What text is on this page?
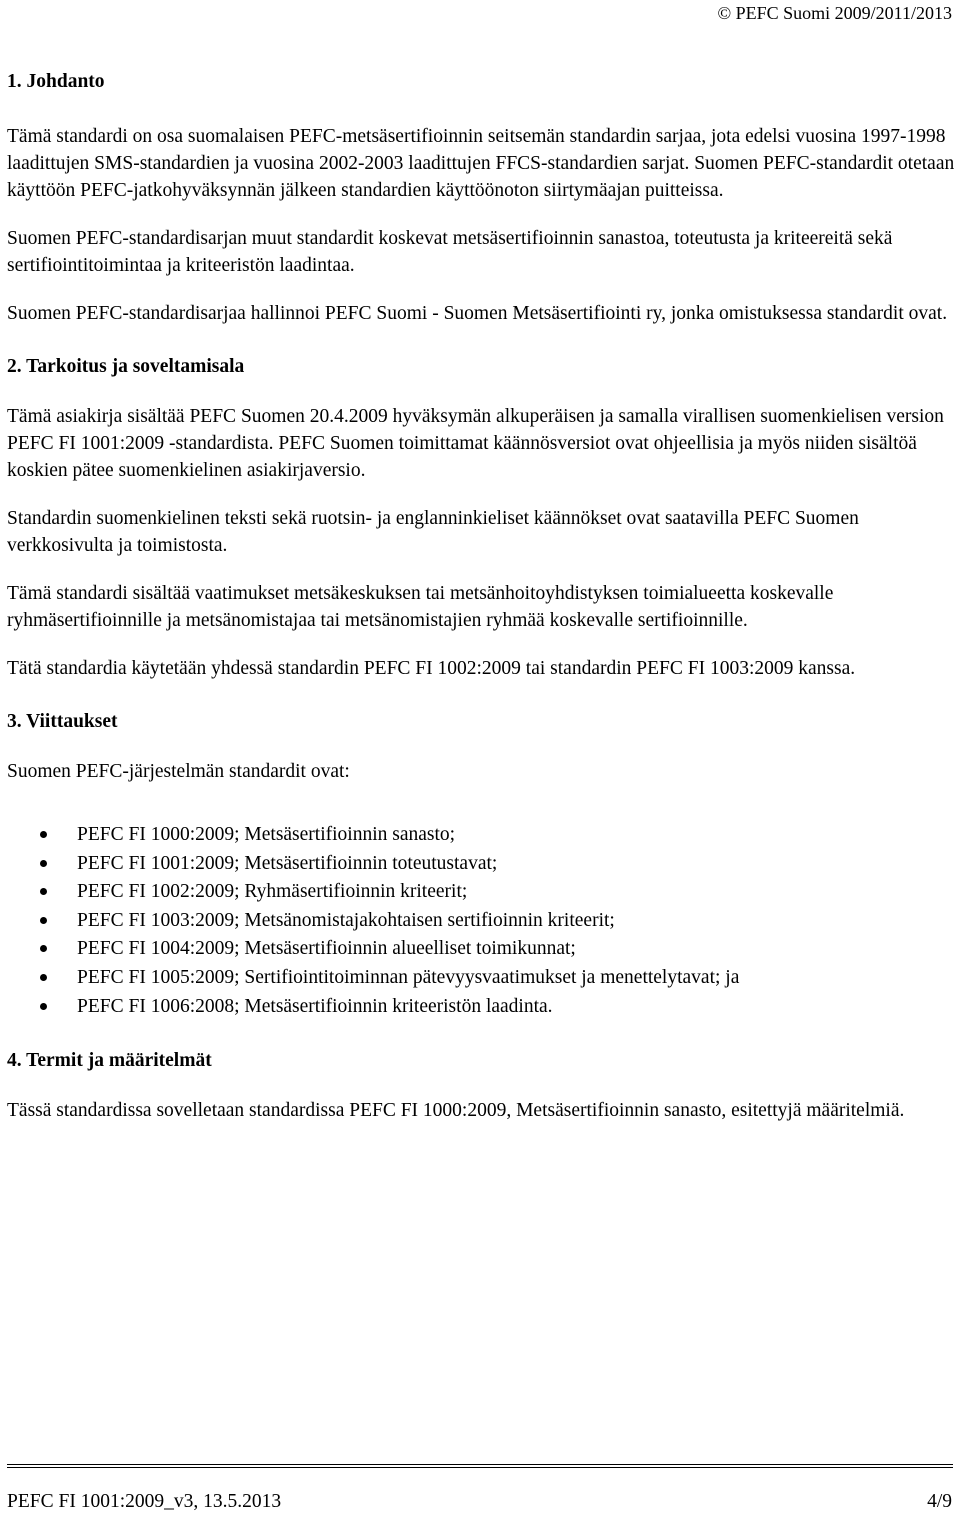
© PEFC Suomi 2009/2011/2013
1. Johdanto

Tämä standardi on osa suomalaisen PEFC-metsäsertifioinnin seitsemän standardin sarjaa, jota edelsi vuosina 1997-1998 laadittujen SMS-standardien ja vuosina 2002-2003 laadittujen FFCS-standardien sarjat. Suomen PEFC-standardit otetaan käyttöön PEFC-jatkohyväksynnän jälkeen standardien käyttöönoton siirtymäajan puitteissa.

Suomen PEFC-standardisarjan muut standardit koskevat metsäsertifioinnin sanastoa, toteutusta ja kriteereitä sekä sertifiointitoimintaa ja kriteeristön laadintaa.

Suomen PEFC-standardisarjaa hallinnoi PEFC Suomi - Suomen Metsäsertifiointi ry, jonka omistuksessa standardit ovat.

2. Tarkoitus ja soveltamisala

Tämä asiakirja sisältää PEFC Suomen 20.4.2009 hyväksymän alkuperäisen ja samalla virallisen suomenkielisen version PEFC FI 1001:2009 -standardista. PEFC Suomen toimittamat käännösversiot ovat ohjeellisia ja myös niiden sisältöä koskien pätee suomenkielinen asiakirjaversio.

Standardin suomenkielinen teksti sekä ruotsin- ja englanninkieliset käännökset ovat saatavilla PEFC Suomen verkkosivulta ja toimistosta.

Tämä standardi sisältää vaatimukset metsäkeskuksen tai metsänhoitoyhdistyksen toimialueetta koskevalle ryhmäsertifioinnille ja metsänomistajaa tai metsänomistajien ryhmää koskevalle sertifioinnille.

Tätä standardia käytetään yhdessä standardin PEFC FI 1002:2009 tai standardin PEFC FI 1003:2009 kanssa.

3. Viittaukset

Suomen PEFC-järjestelmän standardit ovat:

PEFC FI 1000:2009; Metsäsertifioinnin sanasto;
PEFC FI 1001:2009; Metsäsertifioinnin toteutustavat;
PEFC FI 1002:2009; Ryhmäsertifioinnin kriteerit;
PEFC FI 1003:2009; Metsänomistajakohtaisen sertifioinnin kriteerit;
PEFC FI 1004:2009; Metsäsertifioinnin alueelliset toimikunnat;
PEFC FI 1005:2009; Sertifiointitoiminnan pätevyysvaatimukset ja menettelytavat; ja
PEFC FI 1006:2008; Metsäsertifioinnin kriteeristön laadinta.
4. Termit ja määritelmät

Tässä standardissa sovelletaan standardissa PEFC FI 1000:2009, Metsäsertifioinnin sanasto, esitettyjä määritelmiä.

PEFC FI 1001:2009_v3, 13.5.2013	4/9
